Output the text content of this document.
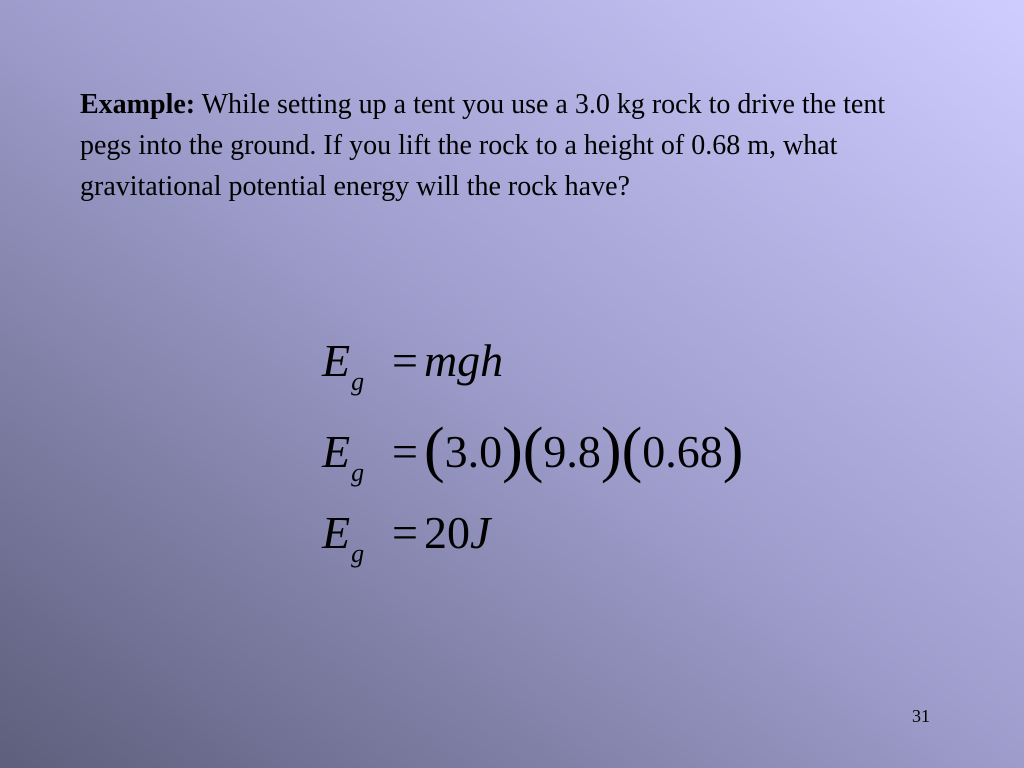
Example: While setting up a tent you use a 3.0 kg rock to drive the tent pegs into the ground. If you lift the rock to a height of 0.68 m, what gravitational potential energy will the rock have?

$E_g$ = mgh
$E_g =(3.0)(9.8)(0.68)$
$E_g = 20J$
31
